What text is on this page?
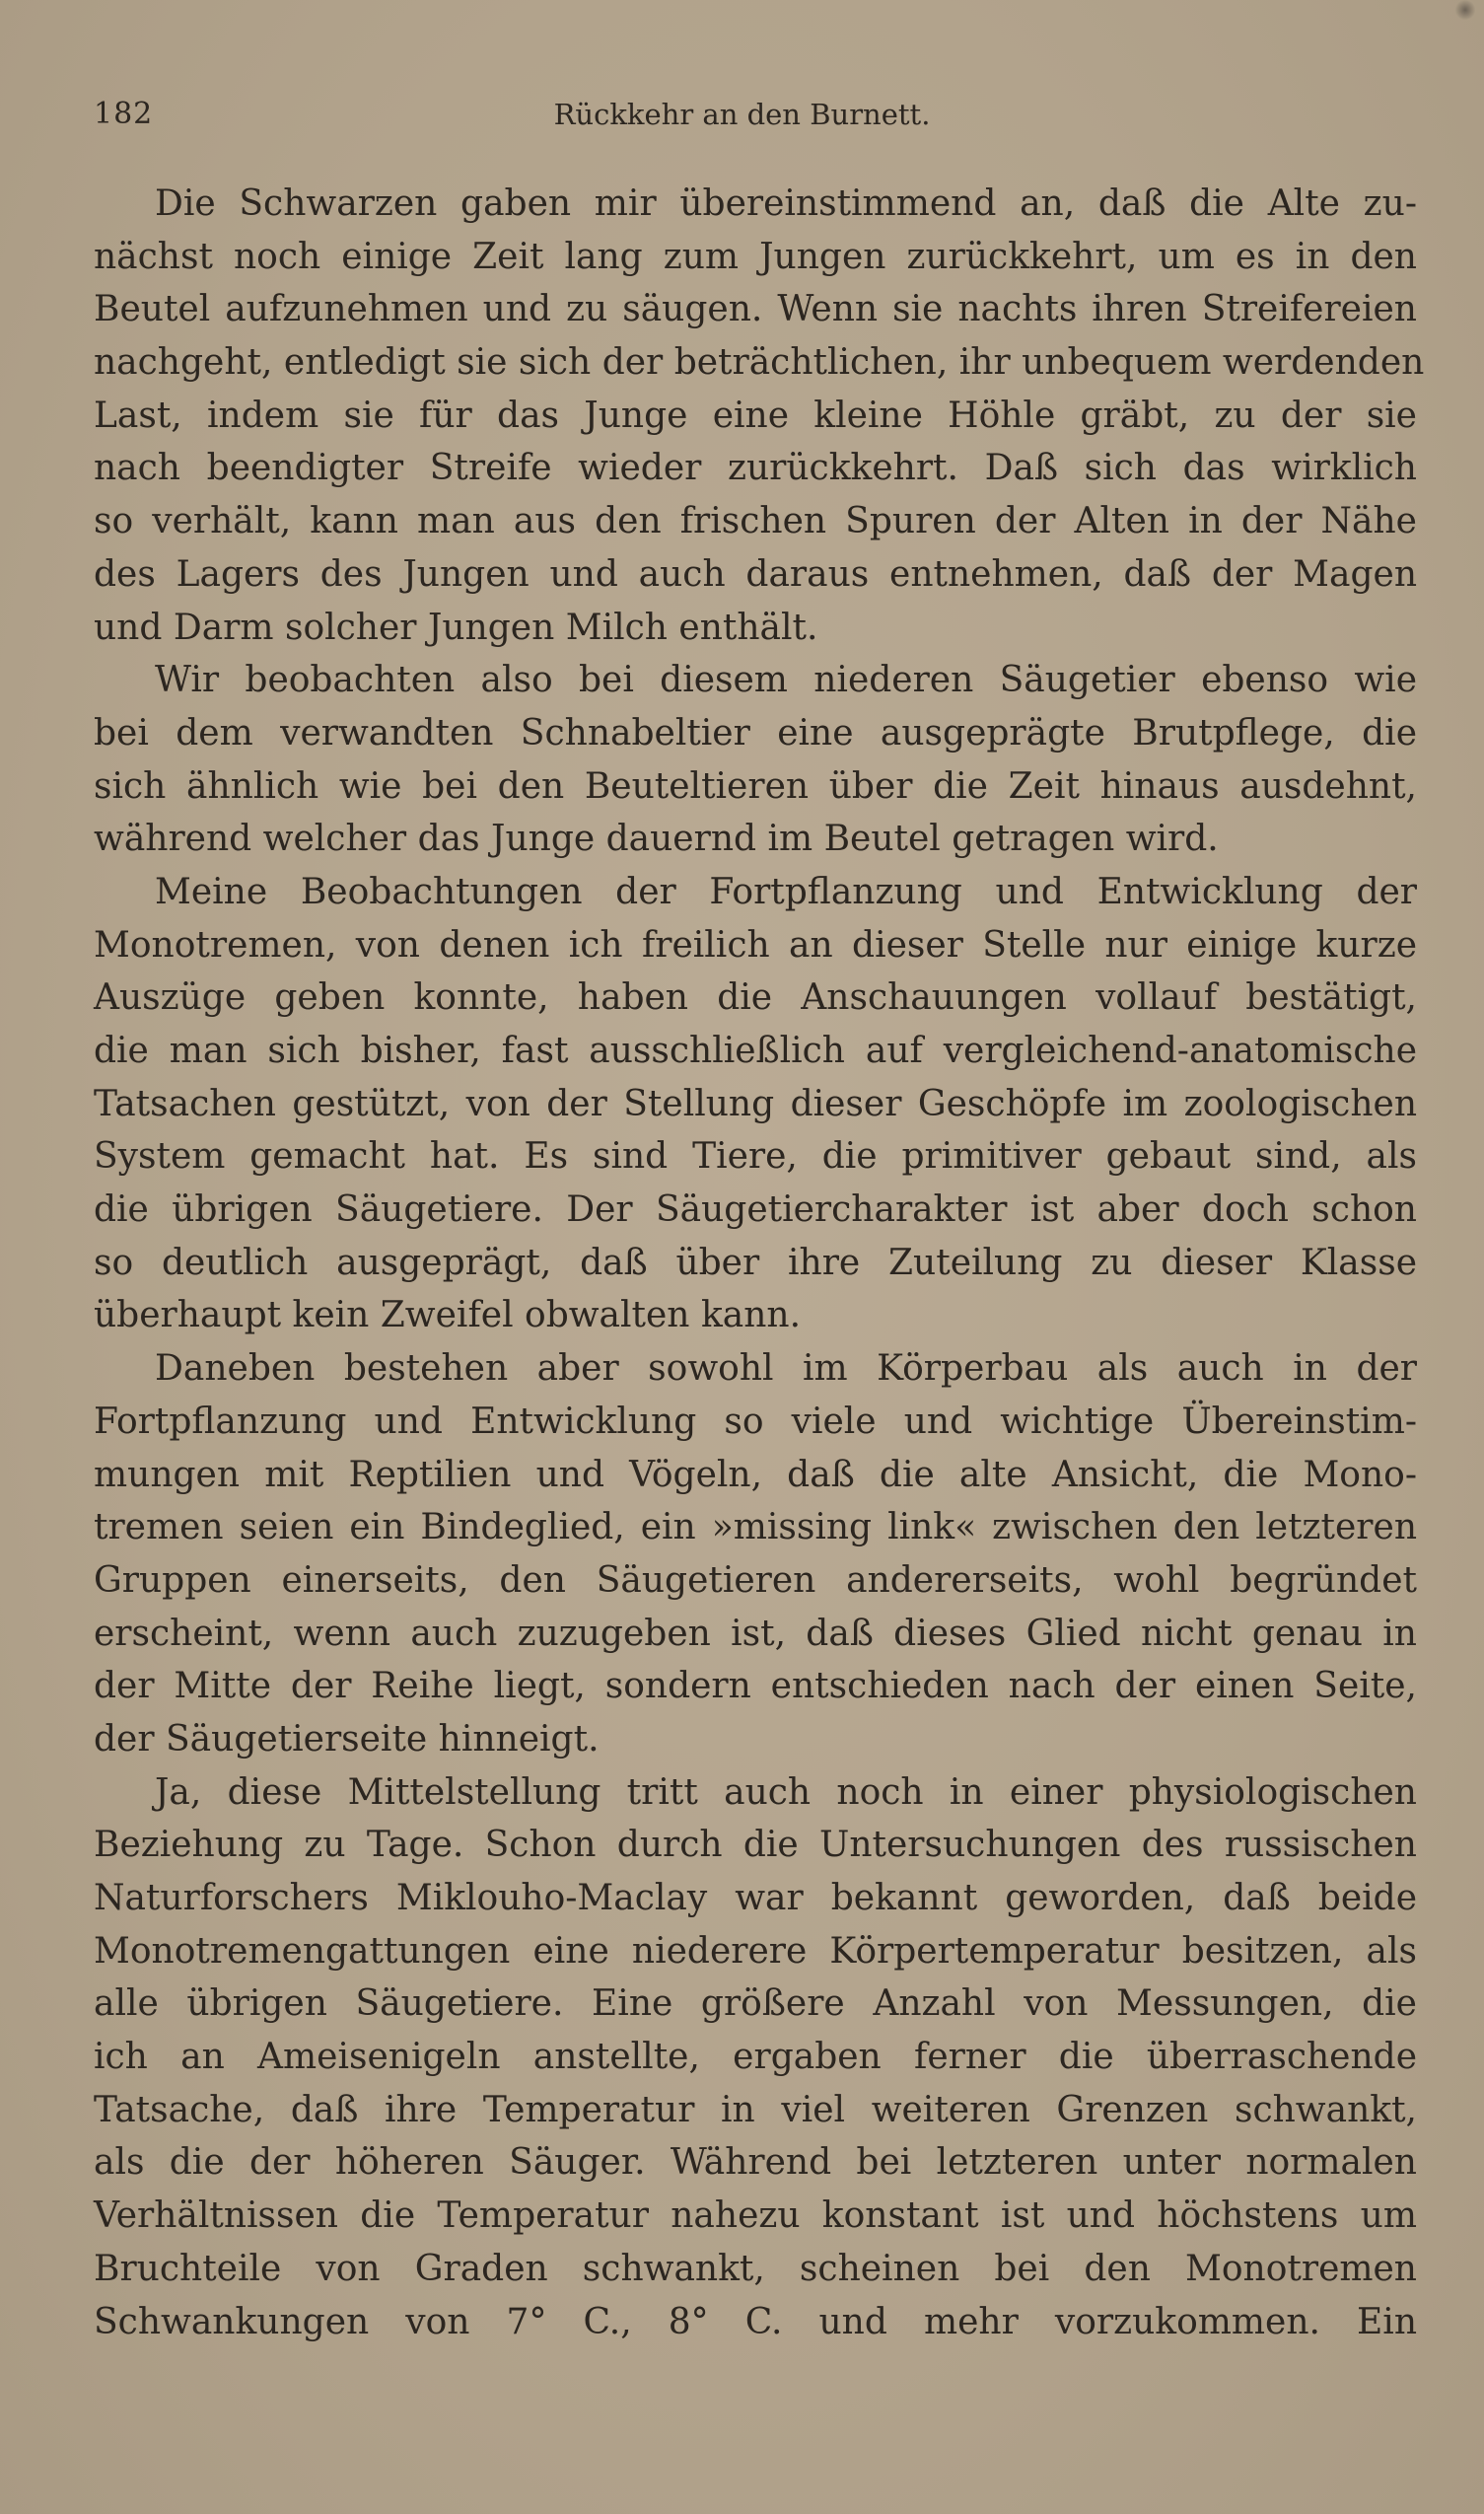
182	Rückkehr an den Burnett.
Die Schwarzen gaben mir übereinstimmend an, daß die Alte zu-
nächst noch einige Zeit lang zum Jungen zurückkehrt, um es in den
Beutel aufzunehmen und zu säugen. Wenn sie nachts ihren Streifereien
nachgeht, entledigt sie sich der beträchtlichen, ihr unbequem werdenden
Last, indem sie für das Junge eine kleine Höhle gräbt, zu der sie
nach beendigter Streife wieder zurückkehrt. Daß sich das wirklich
so verhält, kann man aus den frischen Spuren der Alten in der Nähe
des Lagers des Jungen und auch daraus entnehmen, daß der Magen
und Darm solcher Jungen Milch enthält.
Wir beobachten also bei diesem niederen Säugetier ebenso wie
bei dem verwandten Schnabeltier eine ausgeprägte Brutpflege, die
sich ähnlich wie bei den Beuteltieren über die Zeit hinaus ausdehnt,
während welcher das Junge dauernd im Beutel getragen wird.
Meine Beobachtungen der Fortpflanzung und Entwicklung der
Monotremen, von denen ich freilich an dieser Stelle nur einige kurze
Auszüge geben konnte, haben die Anschauungen vollauf bestätigt,
die man sich bisher, fast ausschließlich auf vergleichend-anatomische
Tatsachen gestützt, von der Stellung dieser Geschöpfe im zoologischen
System gemacht hat. Es sind Tiere, die primitiver gebaut sind, als
die übrigen Säugetiere. Der Säugetiercharakter ist aber doch schon
so deutlich ausgeprägt, daß über ihre Zuteilung zu dieser Klasse
überhaupt kein Zweifel obwalten kann.
Daneben bestehen aber sowohl im Körperbau als auch in der
Fortpflanzung und Entwicklung so viele und wichtige Übereinstim-
mungen mit Reptilien und Vögeln, daß die alte Ansicht, die Mono-
tremen seien ein Bindeglied, ein »missing link« zwischen den letzteren
Gruppen einerseits, den Säugetieren andererseits, wohl begründet
erscheint, wenn auch zuzugeben ist, daß dieses Glied nicht genau in
der Mitte der Reihe liegt, sondern entschieden nach der einen Seite,
der Säugetierseite hinneigt.
Ja, diese Mittelstellung tritt auch noch in einer physiologischen
Beziehung zu Tage. Schon durch die Untersuchungen des russischen
Naturforschers Miklouho-Maclay war bekannt geworden, daß beide
Monotremengattungen eine niederere Körpertemperatur besitzen, als
alle übrigen Säugetiere. Eine größere Anzahl von Messungen, die
ich an Ameisenigeln anstellte, ergaben ferner die überraschende
Tatsache, daß ihre Temperatur in viel weiteren Grenzen schwankt,
als die der höheren Säuger. Während bei letzteren unter normalen
Verhältnissen die Temperatur nahezu konstant ist und höchstens um
Bruchteile von Graden schwankt, scheinen bei den Monotremen
Schwankungen von 7° C., 8° C. und mehr vorzukommen. Ein
